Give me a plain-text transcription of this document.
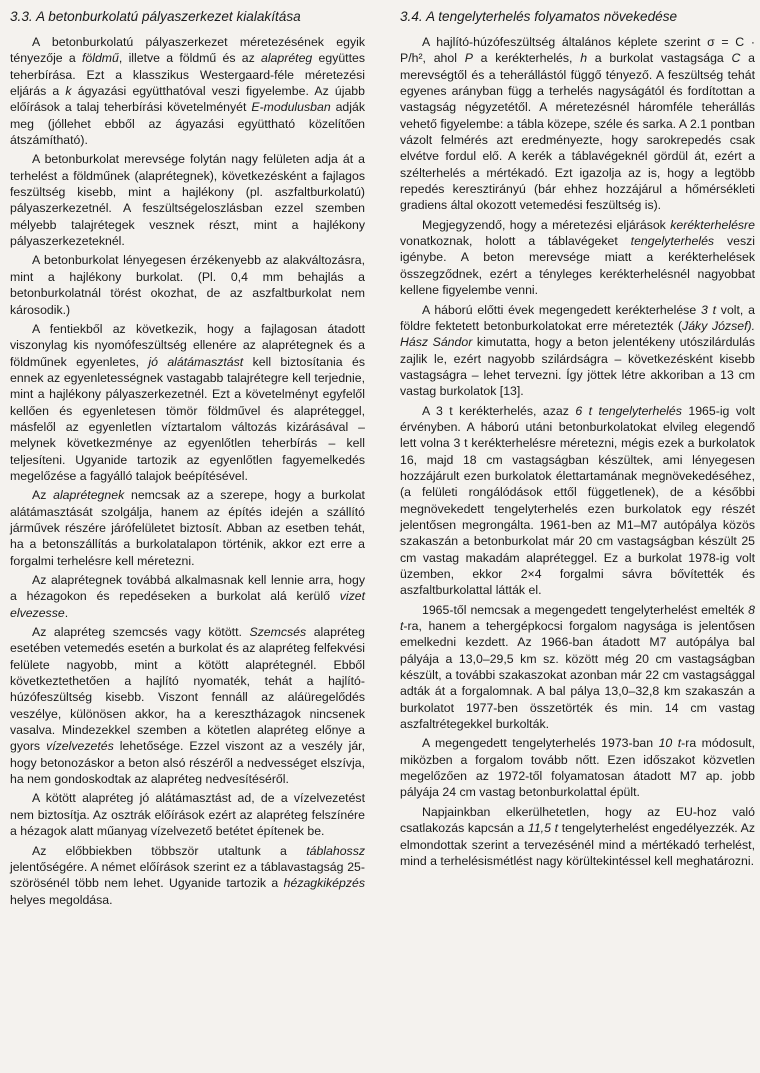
3.3. A betonburkolatú pályaszerkezet kialakítása

A betonburkolatú pályaszerkezet méretezésének egyik tényezője a földmű, illetve a földmű és az alapréteg együttes teherbírása. Ezt a klasszikus Westergaard-féle méretezési eljárás a k ágyazási együtthatóval veszi figyelembe. Az újabb előírások a talaj teherbírási követelményét E-modulusban adják meg (jóllehet ebből az ágyazási együttható közelítően átszámítható).

A betonburkolat merevsége folytán nagy felületen adja át a terhelést a földműnek (alaprétegnek), következésként a fajlagos feszültség kisebb, mint a hajlékony (pl. aszfaltburkolatú) pályaszerkezetnél. A feszültségeloszlásban ezzel szemben mélyebb talajrétegek vesznek részt, mint a hajlékony pályaszerkezeteknél.

A betonburkolat lényegesen érzékenyebb az alakváltozásra, mint a hajlékony burkolat. (Pl. 0,4 mm behajlás a betonburkolatnál törést okozhat, de az aszfaltburkolat nem károsodik.)

A fentiekből az következik, hogy a fajlagosan átadott viszonylag kis nyomófeszültség ellenére az alaprétegnek és a földműnek egyenletes, jó alátámasztást kell biztosítania és ennek az egyenletességnek vastagabb talajrétegre kell terjednie, mint a hajlékony pályaszerkezetnél. Ezt a követelményt egyfelől kellően és egyenletesen tömör földművel és alapréteggel, másfelől az egyenletlen víztartalom változás kizárásával – melynek következménye az egyenlőtlen teherbírás – kell teljesíteni. Ugyanide tartozik az egyenlőtlen fagyemelkedés megelőzése a fagyálló talajok beépítésével.

Az alaprétegnek nemcsak az a szerepe, hogy a burkolat alátámasztását szolgálja, hanem az építés idején a szállító járművek részére járófelületet biztosít. Abban az esetben tehát, ha a betonszállítás a burkolatalapon történik, akkor ezt erre a forgalmi terhelésre kell méretezni.

Az alaprétegnek továbbá alkalmasnak kell lennie arra, hogy a hézagokon és repedéseken a burkolat alá kerülő vizet elvezesse.

Az alapréteg szemcsés vagy kötött. Szemcsés alapréteg esetében vetemedés esetén a burkolat és az alapréteg felfekvési felülete nagyobb, mint a kötött alaprétegnél. Ebből következtethetően a hajlító nyomaték, tehát a hajlító-húzófeszültség kisebb. Viszont fennáll az aláüregelődés veszélye, különösen akkor, ha a keresztházagok nincsenek vasalva. Mindezekkel szemben a kötetlen alapréteg előnye a gyors vízelvezetés lehetősége. Ezzel viszont az a veszély jár, hogy betonozáskor a beton alsó részéről a nedvességet elszívja, ha nem gondoskodtak az alapréteg nedvesítéséről.

A kötött alapréteg jó alátámasztást ad, de a vízelvezetést nem biztosítja. Az osztrák előírások ezért az alapréteg felszínére a hézagok alatt műanyag vízelvezető betétet építenek be.

Az előbbiekben többször utaltunk a táblahossz jelentőségére. A német előírások szerint ez a táblavastagság 25-szörösénél több nem lehet. Ugyanide tartozik a hézagkiképzés helyes megoldása.

3.4. A tengelyterhelés folyamatos növekedése

A hajlító-húzófeszültség általános képlete szerint σ = C · P/h², ahol P a kerékterhelés, h a burkolat vastagsága C a merevségtől és a teherállástól függő tényező. A feszültség tehát egyenes arányban függ a terhelés nagyságától és fordítottan a vastagság négyzetétől. A méretezésnél háromféle teherállás vehető figyelembe: a tábla közepe, széle és sarka. A 2.1 pontban vázolt felmérés azt eredményezte, hogy sarokrepedés csak elvétve fordul elő. A kerék a táblavégeknél gördül át, ezért a szélterhelés a mértékadó. Ezt igazolja az is, hogy a legtöbb repedés keresztirányú (bár ehhez hozzájárul a hőmérsékleti gradiens által okozott vetemedési feszültség is).

Megjegyzendő, hogy a méretezési eljárások kerékterhelésre vonatkoznak, holott a táblavégeket tengelyterhelés veszi igénybe. A beton merevsége miatt a kerékterhelések összegződnek, ezért a tényleges kerékterhelésnél nagyobbat kellene figyelembe venni.

A háború előtti évek megengedett kerékterhelése 3 t volt, a földre fektetett betonburkolatokat erre méretezték (Jáky József). Hász Sándor kimutatta, hogy a beton jelentékeny utószilárdulás zajlik le, ezért nagyobb szilárdságra – következésként kisebb vastagságra – lehet tervezni. Így jöttek létre akkoriban a 13 cm vastag burkolatok [13].

A 3 t kerékterhelés, azaz 6 t tengelyterhelés 1965-ig volt érvényben. A háború utáni betonburkolatokat elvileg elegendő lett volna 3 t kerékterhelésre méretezni, mégis ezek a burkolatok 16, majd 18 cm vastagságban készültek, ami lényegesen hozzájárult ezen burkolatok élettartamának megnövekedéséhez, (a felületi rongálódások ettől függetlenek), de a későbbi megnövekedett tengelyterhelés ezen burkolatok egy részét jelentősen megrongálta. 1961-ben az M1–M7 autópálya közös szakaszán a betonburkolat már 20 cm vastagságban készült 25 cm vastag makadám alapréteggel. Ez a burkolat 1978-ig volt üzemben, ekkor 2×4 forgalmi sávra bővítették és aszfaltburkolattal látták el.

1965-től nemcsak a megengedett tengelyterhelést emelték 8 t-ra, hanem a tehergépkocsi forgalom nagysága is jelentősen emelkedni kezdett. Az 1966-ban átadott M7 autópálya bal pályája a 13,0–29,5 km sz. között még 20 cm vastagságban készült, a további szakaszokat azonban már 22 cm vastagsággal adták át a forgalomnak. A bal pálya 13,0–32,8 km szakaszán a burkolatot 1977-ben összetörték és min. 14 cm vastag aszfaltrétegekkel burkolták.

A megengedett tengelyterhelés 1973-ban 10 t-ra módosult, miközben a forgalom tovább nőtt. Ezen időszakot közvetlen megelőzően az 1972-től folyamatosan átadott M7 ap. jobb pályája 24 cm vastag betonburkolattal épült.

Napjainkban elkerülhetetlen, hogy az EU-hoz való csatlakozás kapcsán a 11,5 t tengelyterhelést engedélyezzék. Az elmondottak szerint a tervezésénél mind a mértékadó terhelést, mind a terhelésismétlést nagy körültekintéssel kell meghatározni.
